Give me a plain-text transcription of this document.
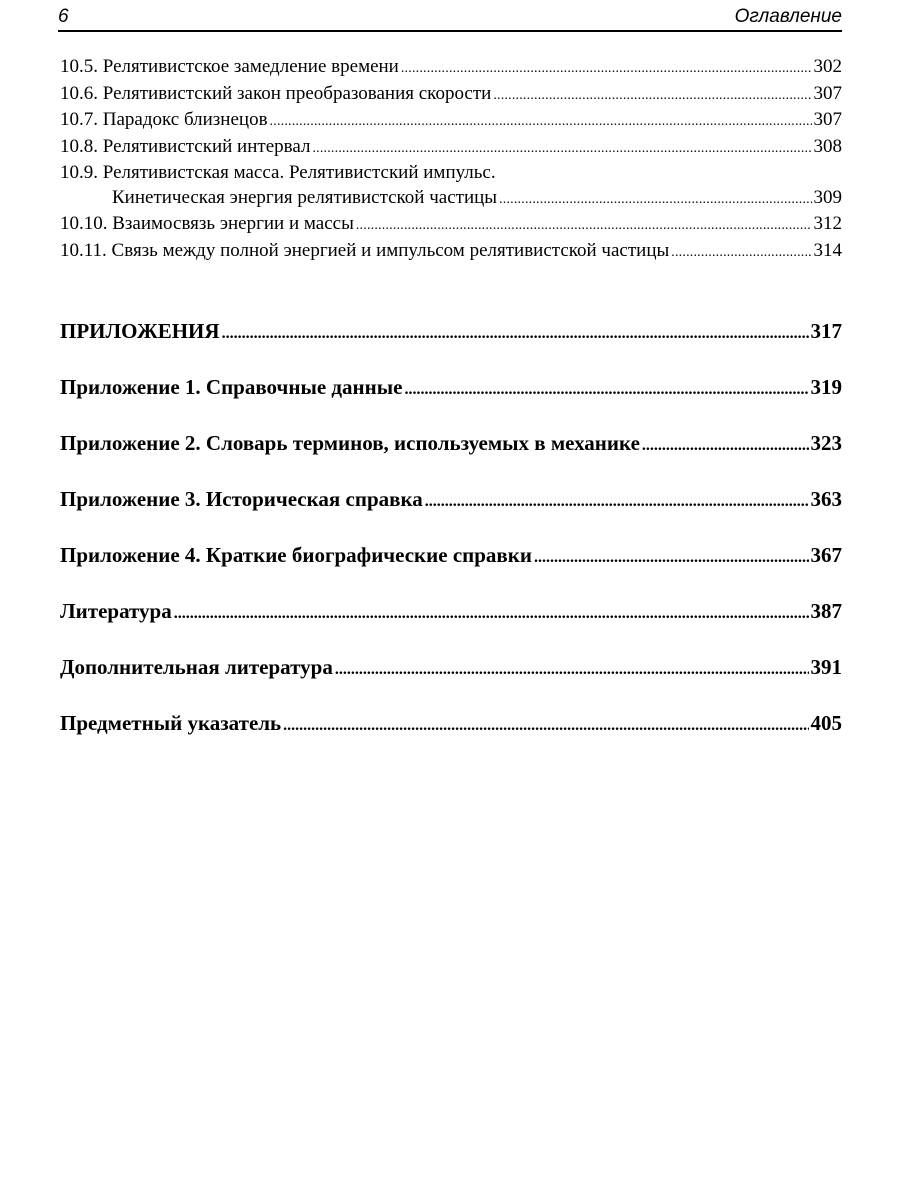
6	Оглавление
10.5. Релятивистское замедление времени .....	302
10.6. Релятивистский закон преобразования скорости .....	307
10.7. Парадокс близнецов .....	307
10.8. Релятивистский интервал .....	308
10.9. Релятивистская масса. Релятивистский импульс.
Кинетическая энергия релятивистской частицы .....	309
10.10. Взаимосвязь энергии и массы .....	312
10.11. Связь между полной энергией и импульсом релятивистской частицы .....	314
ПРИЛОЖЕНИЯ .....	317
Приложение 1. Справочные данные .....	319
Приложение 2. Словарь терминов, используемых в механике .....	323
Приложение 3. Историческая справка .....	363
Приложение 4. Краткие биографические справки .....	367
Литература .....	387
Дополнительная литература .....	391
Предметный указатель .....	405
